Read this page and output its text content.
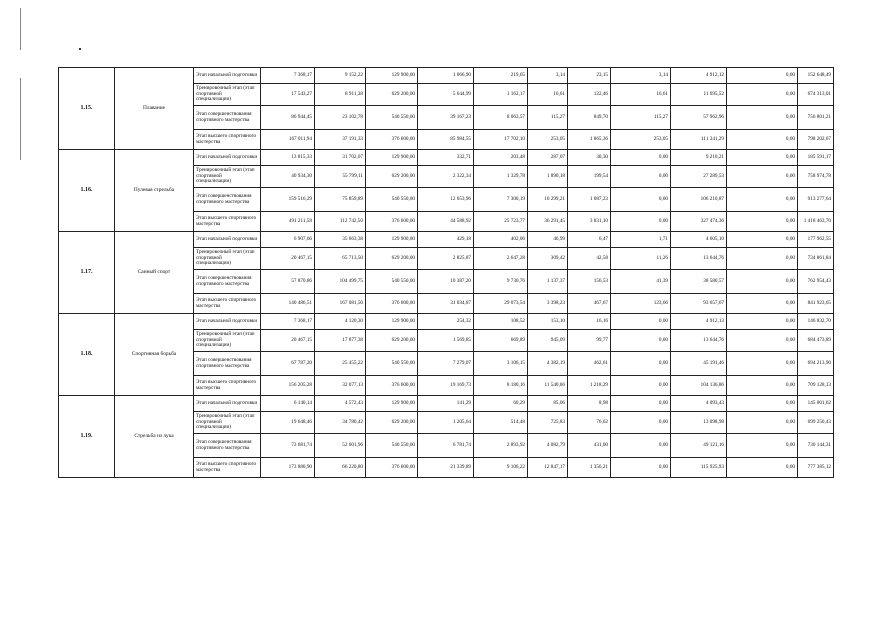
1.15.	Плавание	Этап начальной подготовки	7 368,17	9 152,22	129 900,00	1 066,90	219,65	3,14	23,15	3,14	4 912,12	0,00	152 648,49
		Тренировочный этап (этап спортивной специализации)	17 543,27	8 911,38	629 200,00	5 644,99	1 162,17	16,61	122,46	16,61	11 695,52	0,00	674 313,01
		Этап совершенствования спортивного мастерства	86 944,45	23 102,78	540 550,00	39 167,23	8 063,57	115,27	849,70	115,27	57 962,96	0,00	756 801,21
		Этап высшего спортивного мастерства	167 011,94	37 191,33	376 600,00	85 984,55	17 702,10	253,05	1 865,36	253,05	111 341,29	0,00	798 202,67
1.16.	Пулевая стрельба	Этап начальной подготовки	13 815,33	31 702,07	129 900,00	332,71	203,48	287,07	30,30	0,00	9 210,21	0,00	185 591,17
		Тренировочный этап (этап спортивной специализации)	40 934,30	55 799,11	629 200,00	2 322,34	1 329,78	1 890,18	199,54	0,00	27 289,53	0,00	758 974,78
		Этап совершенствования спортивного мастерства	159 516,29	75 859,89	540 550,00	12 653,96	7 300,19	10 299,21	1 087,23	0,00	106 210,87	0,00	913 277,64
		Этап высшего спортивного мастерства	491 211,58	112 742,50	376 600,00	44 588,92	25 723,77	36 291,45	3 831,10	0,00	327 474,36	0,00	1 418 463,70
1.17.	Санный спорт	Этап начальной подготовки	6 907,66	35 663,38	129 900,00	429,18	402,06	46,99	6,47	1,71	4 605,10	0,00	177 962,55
		Тренировочный этап (этап спортивной специализации)	20 467,15	65 713,50	629 200,00	2 825,87	2 647,28	309,42	42,58	11,26	13 644,76	0,00	734 861,84
		Этап совершенствования спортивного мастерства	57 870,86	104 499,75	540 550,00	10 387,20	9 730,76	1 137,37	156,53	41,39	38 580,57	0,00	762 954,43
		Этап высшего спортивного мастерства	140 486,51	167 081,50	376 600,00	31 034,87	29 073,54	3 398,23	467,67	123,66	93 657,67	0,00	841 923,65
1.18.	Спортивная борьба	Этап начальной подготовки	7 368,17	4 120,30	129 900,00	254,32	108,52	153,10	16,16	0,00	4 912,13	0,00	146 832,70
		Тренировочный этап (этап спортивной специализации)	20 467,15	17 877,38	629 200,00	1 569,85	669,89	945,09	99,77	0,00	13 644,76	0,00	684 473,89
		Этап совершенствования спортивного мастерства	67 787,20	25 455,22	540 550,00	7 279,07	3 106,15	4 382,19	462,61	0,00	45 191,46	0,00	694 213,90
		Этап высшего спортивного мастерства	156 205,28	32 077,13	376 600,00	19 169,73	8 180,16	11 540,66	1 218,29	0,00	104 136,86	0,00	709 128,13
1.19.	Стрельба из лука	Этап начальной подготовки	6 140,14	4 572,43	129 900,00	141,29	60,29	85,06	8,98	0,00	4 093,43	0,00	145 001,62
		Тренировочный этап (этап спортивной специализации)	19 648,46	34 780,42	629 200,00	1 205,64	514,48	725,83	76,62	0,00	13 098,98	0,00	699 250,43
		Этап совершенствования спортивного мастерства	73 681,74	52 601,96	540 550,00	6 781,74	2 893,92	4 082,79	431,00	0,00	49 121,16	0,00	730 144,31
		Этап высшего спортивного мастерства	173 880,90	66 220,80	376 600,00	21 339,89	9 106,22	12 847,17	1 356,21	0,00	115 925,93	0,00	777 385,12
